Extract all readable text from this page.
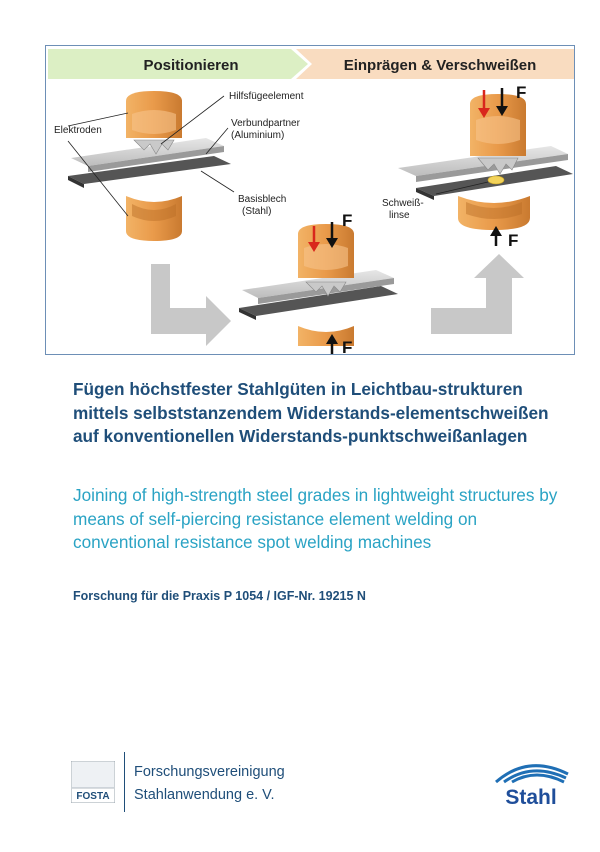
Positionieren	Einprägen & Verschweißen
Elektroden
Hilfsfügeelement
Verbundpartner
(Aluminium)
Basisblech
(Stahl)	F
F
F
F
Schweiß-
linse

Fügen höchstfester Stahlgüten in Leichtbau-strukturen mittels selbststanzendem Widerstands-elementschweißen auf konventionellen Widerstands-punktschweißanlagen

Joining of high-strength steel grades in lightweight structures by means of self-piercing resistance element welding on conventional resistance spot welding machines

Forschung für die Praxis P 1054 / IGF-Nr. 19215 N

FOSTA
Forschungsvereinigung
Stahlanwendung e. V.	Stahl
